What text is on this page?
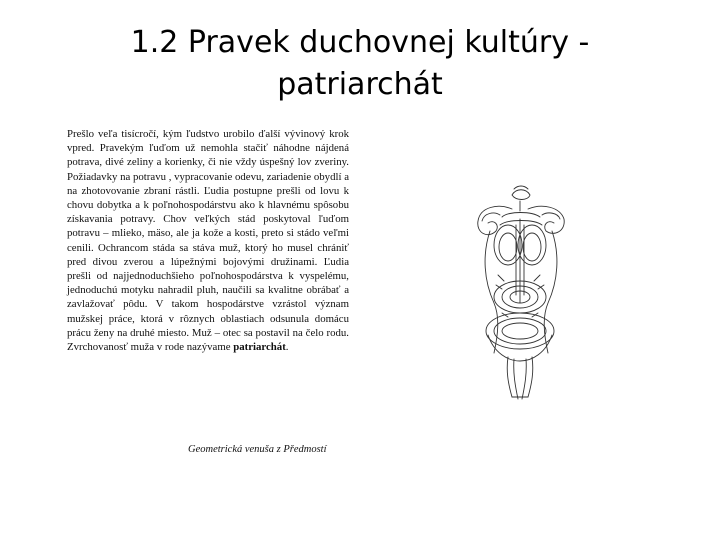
1.2 Pravek duchovnej kultúry -
patriarchát

Prešlo veľa tisícročí, kým ľudstvo urobilo ďalší vývinový krok vpred. Pravekým ľuďom už nemohla stačiť náhodne nájdená potrava, divé zeliny a korienky, či nie vždy úspešný lov zveriny. Požiadavky na potravu , vypracovanie odevu, zariadenie obydlí a na zhotovovanie zbraní rástli. Ľudia postupne prešli od lovu k chovu dobytka a k poľnohospodárstvu ako k hlavnému spôsobu získavania potravy. Chov veľkých stád poskytoval ľuďom potravu – mlieko, mäso, ale ja kože a kosti, preto si stádo veľmi cenili. Ochrancom stáda sa stáva muž, ktorý ho musel chrániť pred divou zverou a lúpežnými bojovými družinami. Ľudia prešli od najjednoduchšieho poľnohospodárstva k vyspelému, jednoduchú motyku nahradil pluh, naučili sa kvalitne obrábať a zavlažovať pôdu. V takom hospodárstve vzrástol význam mužskej práce, ktorá v rôznych oblastiach odsunula domácu prácu ženy na druhé miesto. Muž – otec sa postavil na čelo rodu. Zvrchovanosť muža v rode nazývame patriarchát.

Geometrická venuša z Předmostí
